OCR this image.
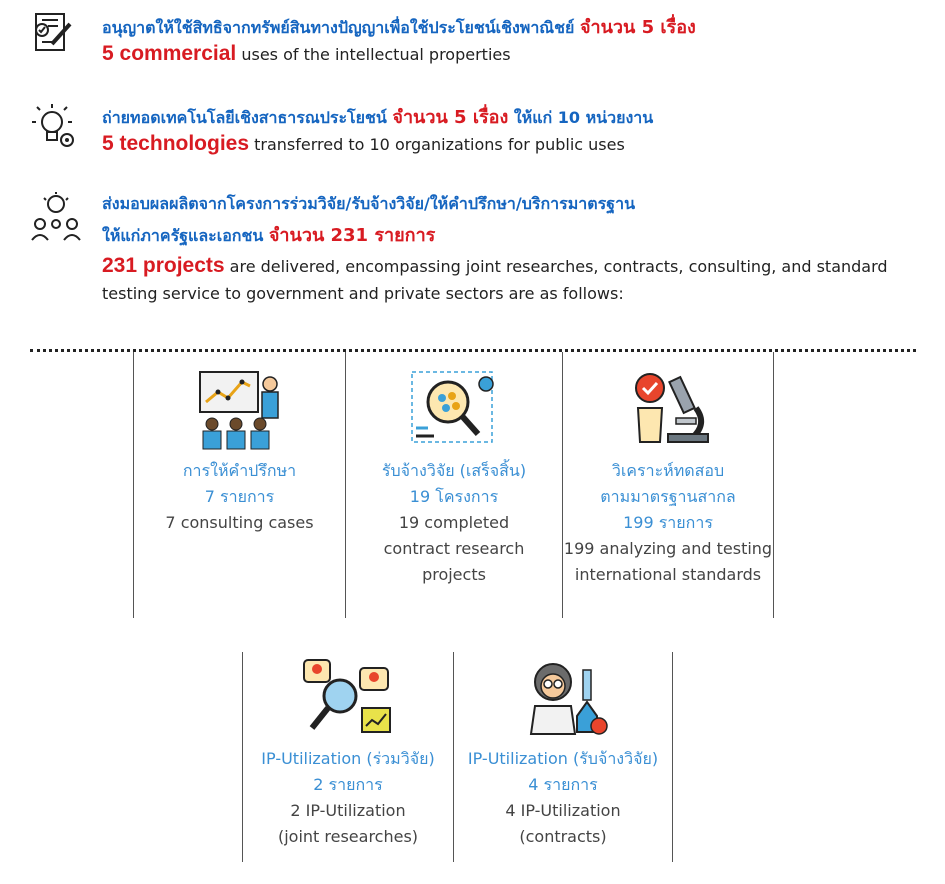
อนุญาตให้ใช้สิทธิจากทรัพย์สินทางปัญญาเพื่อใช้ประโยชน์เชิงพาณิชย์ จำนวน 5 เรื่อง
5 commercial uses of the intellectual properties
ถ่ายทอดเทคโนโลยีเชิงสาธารณประโยชน์ จำนวน 5 เรื่อง ให้แก่ 10 หน่วยงาน
5 technologies transferred to 10 organizations for public uses
ส่งมอบผลผลิตจากโครงการร่วมวิจัย/รับจ้างวิจัย/ให้คำปรึกษา/บริการมาตรฐาน
ให้แก่ภาครัฐและเอกชน จำนวน 231 รายการ
231 projects are delivered, encompassing joint researches, contracts, consulting, and standard testing service to government and private sectors are as follows:
การให้คำปรึกษา
7 รายการ
7 consulting cases
รับจ้างวิจัย (เสร็จสิ้น)
19 โครงการ
19 completed
contract research
projects
วิเคราะห์ทดสอบ
ตามมาตรฐานสากล
199 รายการ
199 analyzing and testing
international standards
IP-Utilization (ร่วมวิจัย)
2 รายการ
2 IP-Utilization
(joint researches)
IP-Utilization (รับจ้างวิจัย)
4 รายการ
4 IP-Utilization
(contracts)
